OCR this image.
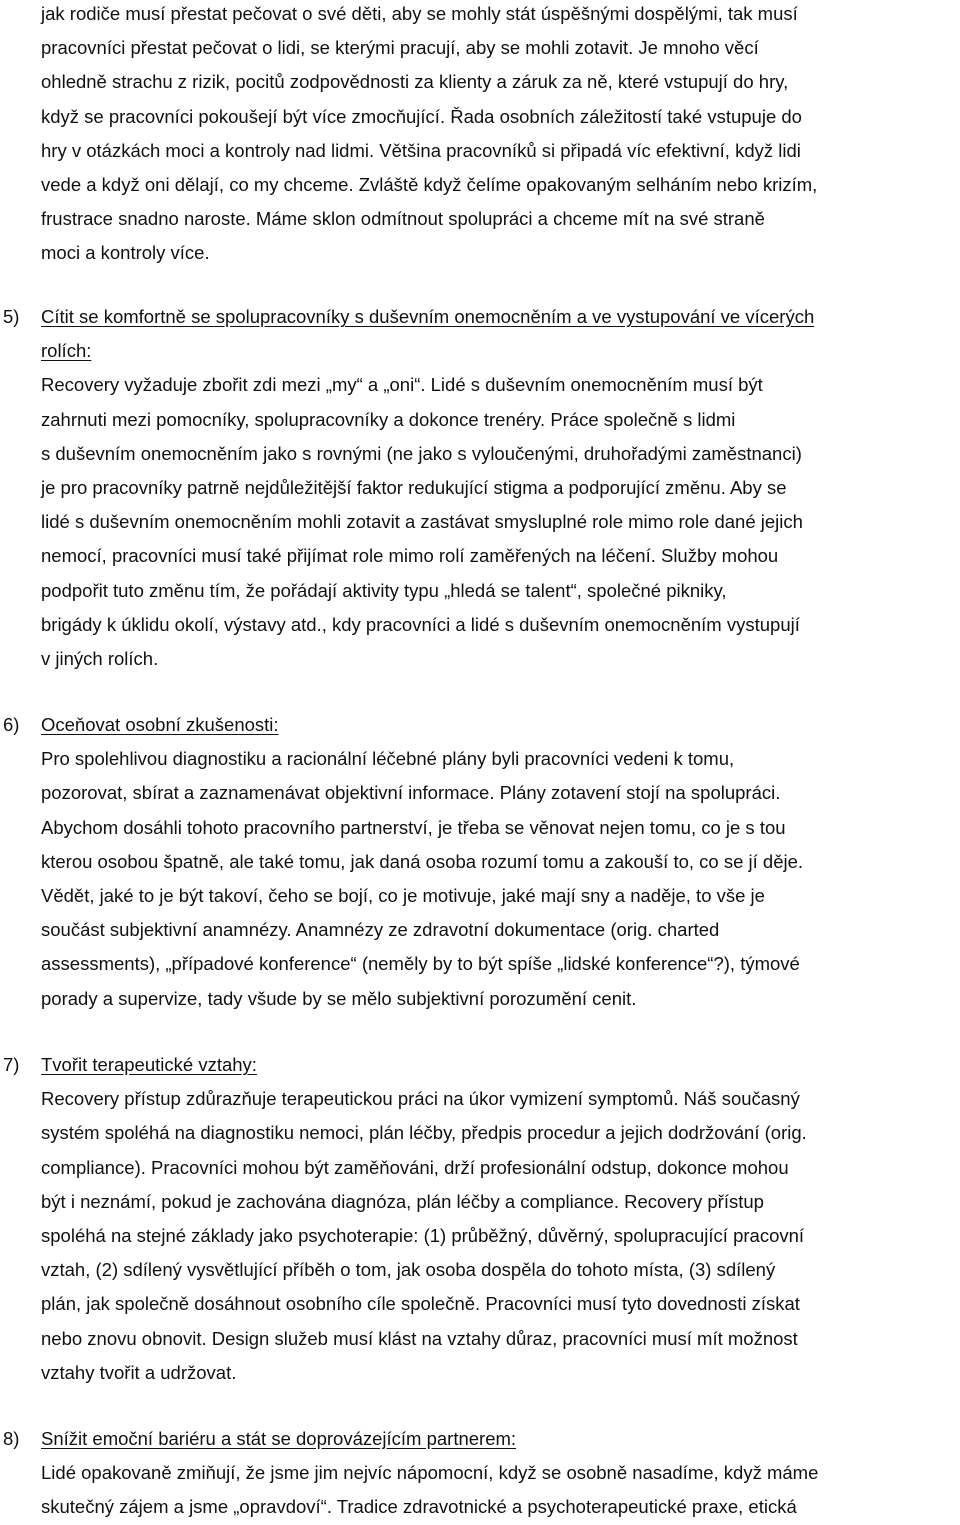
jak rodiče musí přestat pečovat o své děti, aby se mohly stát úspěšnými dospělými, tak musí
pracovníci přestat pečovat o lidi, se kterými pracují, aby se mohli zotavit. Je mnoho věcí
ohledně strachu z rizik, pocitů zodpovědnosti za klienty a záruk za ně, které vstupují do hry,
když se pracovníci pokoušejí být více zmocňující. Řada osobních záležitostí také vstupuje do
hry v otázkách moci a kontroly nad lidmi. Většina pracovníků si připadá víc efektivní, když lidi
vede a když oni dělají, co my chceme. Zvláště když čelíme opakovaným selháním nebo krizím,
frustrace snadno naroste. Máme sklon odmítnout spolupráci a chceme mít na své straně
moci a kontroly více.
5) Cítit se komfortně se spolupracovníky s duševním onemocněním a ve vystupování ve vícerých
rolích:
Recovery vyžaduje zbořit zdi mezi „my“ a „oni“. Lidé s duševním onemocněním musí být
zahrnuti mezi pomocníky, spolupracovníky a dokonce trenéry. Práce společně s lidmi
s duševním onemocněním jako s rovnými (ne jako s vyloučenými, druhořadými zaměstnanci)
je pro pracovníky patrně nejdůležitější faktor redukující stigma a podporující změnu. Aby se
lidé s duševním onemocněním mohli zotavit a zastávat smysluplné role mimo role dané jejich
nemocí, pracovníci musí také přijímat role mimo rolí zaměřených na léčení. Služby mohou
podpořit tuto změnu tím, že pořádají aktivity typu „hledá se talent“, společné pikniky,
brigády k úklidu okolí, výstavy atd., kdy pracovníci a lidé s duševním onemocněním vystupují
v jiných rolích.
6) Oceňovat osobní zkušenosti:
Pro spolehlivou diagnostiku a racionální léčebné plány byli pracovníci vedeni k tomu,
pozorovat, sbírat a zaznamenávat objektivní informace. Plány zotavení stojí na spolupráci.
Abychom dosáhli tohoto pracovního partnerství, je třeba se věnovat nejen tomu, co je s tou
kterou osobou špatně, ale také tomu, jak daná osoba rozumí tomu a zakouší to, co se jí děje.
Vědět, jaké to je být takoví, čeho se bojí, co je motivuje, jaké mají sny a naděje, to vše je
součást subjektivní anamnézy. Anamnézy ze zdravotní dokumentace (orig. charted
assessments), „případové konference“ (neměly by to být spíše „lidské konference“?), týmové
porady a supervize, tady všude by se mělo subjektivní porozumění cenit.
7) Tvořit terapeutické vztahy:
Recovery přístup zdůrazňuje terapeutickou práci na úkor vymizení symptomů. Náš současný
systém spoléhá na diagnostiku nemoci, plán léčby, předpis procedur a jejich dodržování (orig.
compliance). Pracovníci mohou být zaměňováni, drží profesionální odstup, dokonce mohou
být i neznámí, pokud je zachována diagnóza, plán léčby a compliance. Recovery přístup
spoléhá na stejné základy jako psychoterapie: (1) průběžný, důvěrný, spolupracující pracovní
vztah, (2) sdílený vysvětlující příběh o tom, jak osoba dospěla do tohoto místa, (3) sdílený
plán, jak společně dosáhnout osobního cíle společně. Pracovníci musí tyto dovednosti získat
nebo znovu obnovit. Design služeb musí klást na vztahy důraz, pracovníci musí mít možnost
vztahy tvořit a udržovat.
8) Snížit emoční bariéru a stát se doprovázejícím partnerem:
Lidé opakovaně zmiňují, že jsme jim nejvíc nápomocní, když se osobně nasadíme, když máme
skutečný zájem a jsme „opravdoví“. Tradice zdravotnické a psychoterapeutické praxe, etická
